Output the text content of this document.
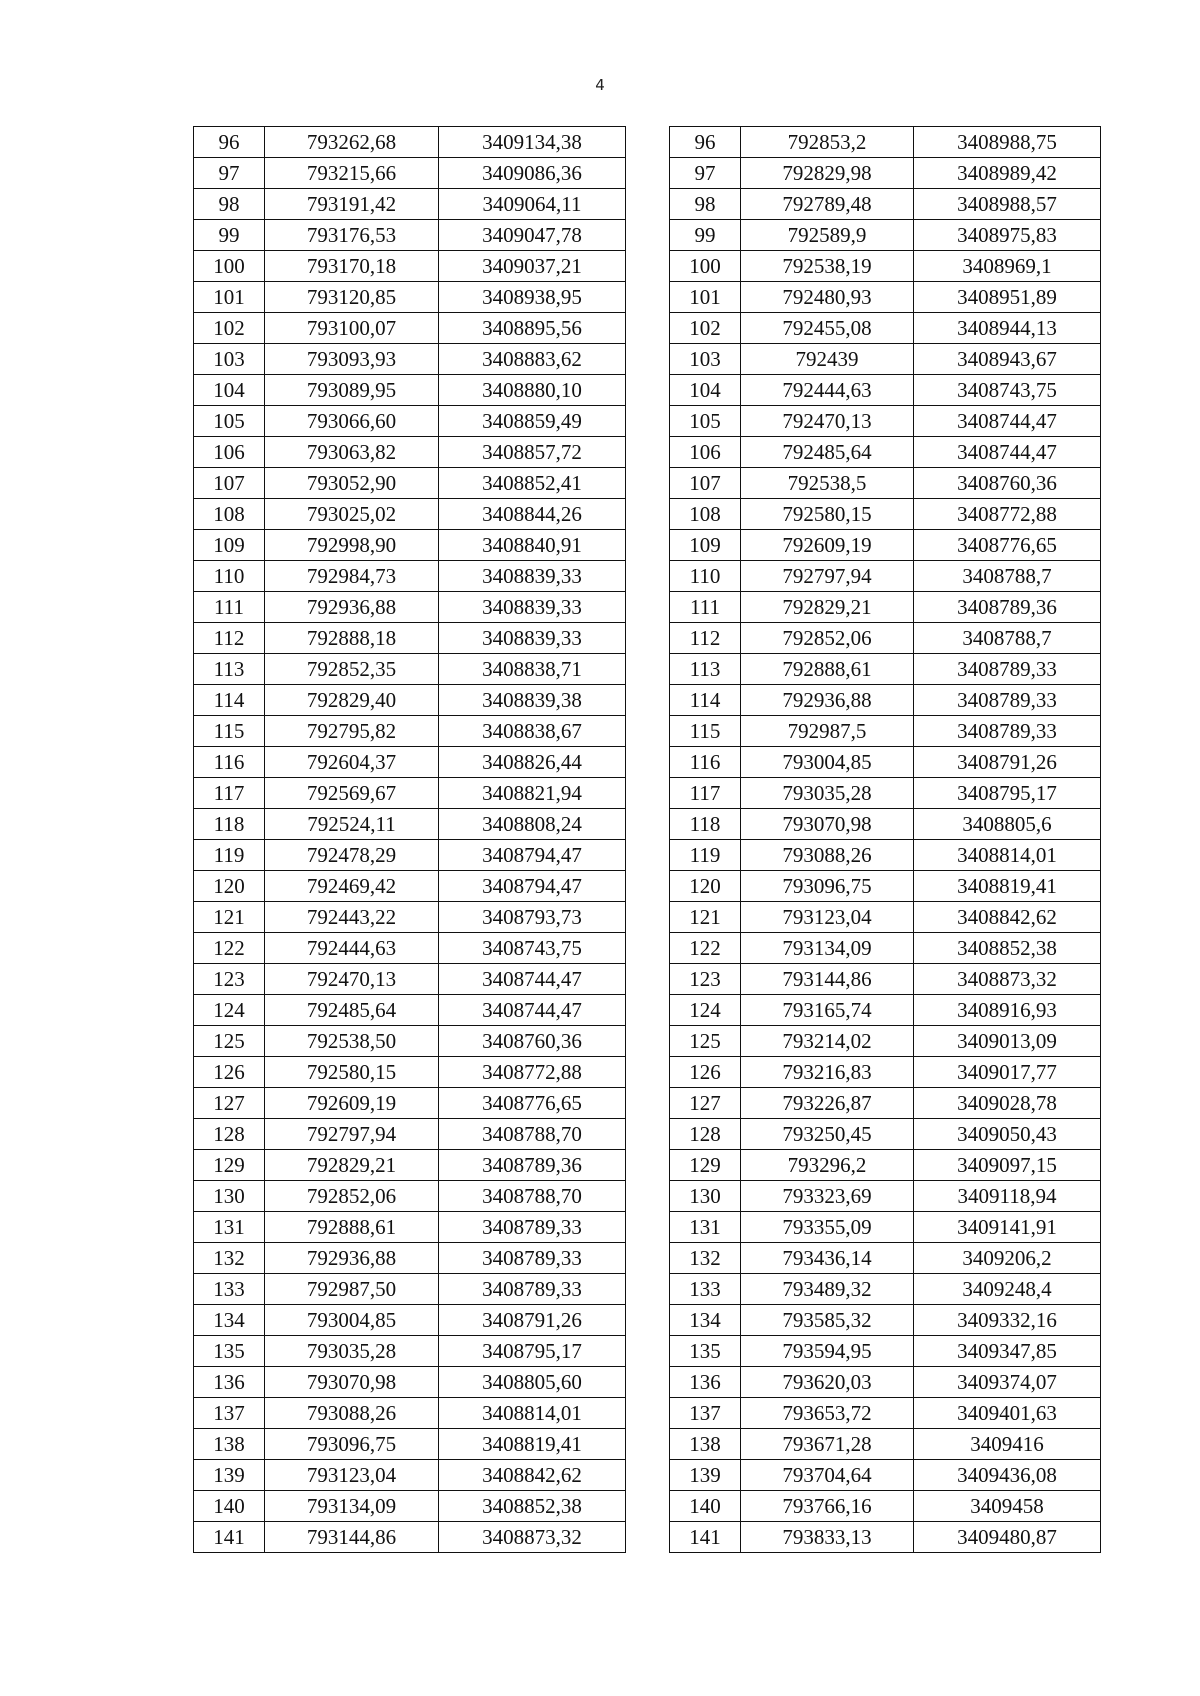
4
96	793262,68	3409134,38
97	793215,66	3409086,36
98	793191,42	3409064,11
99	793176,53	3409047,78
100	793170,18	3409037,21
101	793120,85	3408938,95
102	793100,07	3408895,56
103	793093,93	3408883,62
104	793089,95	3408880,10
105	793066,60	3408859,49
106	793063,82	3408857,72
107	793052,90	3408852,41
108	793025,02	3408844,26
109	792998,90	3408840,91
110	792984,73	3408839,33
111	792936,88	3408839,33
112	792888,18	3408839,33
113	792852,35	3408838,71
114	792829,40	3408839,38
115	792795,82	3408838,67
116	792604,37	3408826,44
117	792569,67	3408821,94
118	792524,11	3408808,24
119	792478,29	3408794,47
120	792469,42	3408794,47
121	792443,22	3408793,73
122	792444,63	3408743,75
123	792470,13	3408744,47
124	792485,64	3408744,47
125	792538,50	3408760,36
126	792580,15	3408772,88
127	792609,19	3408776,65
128	792797,94	3408788,70
129	792829,21	3408789,36
130	792852,06	3408788,70
131	792888,61	3408789,33
132	792936,88	3408789,33
133	792987,50	3408789,33
134	793004,85	3408791,26
135	793035,28	3408795,17
136	793070,98	3408805,60
137	793088,26	3408814,01
138	793096,75	3408819,41
139	793123,04	3408842,62
140	793134,09	3408852,38
141	793144,86	3408873,32
96	792853,2	3408988,75
97	792829,98	3408989,42
98	792789,48	3408988,57
99	792589,9	3408975,83
100	792538,19	3408969,1
101	792480,93	3408951,89
102	792455,08	3408944,13
103	792439	3408943,67
104	792444,63	3408743,75
105	792470,13	3408744,47
106	792485,64	3408744,47
107	792538,5	3408760,36
108	792580,15	3408772,88
109	792609,19	3408776,65
110	792797,94	3408788,7
111	792829,21	3408789,36
112	792852,06	3408788,7
113	792888,61	3408789,33
114	792936,88	3408789,33
115	792987,5	3408789,33
116	793004,85	3408791,26
117	793035,28	3408795,17
118	793070,98	3408805,6
119	793088,26	3408814,01
120	793096,75	3408819,41
121	793123,04	3408842,62
122	793134,09	3408852,38
123	793144,86	3408873,32
124	793165,74	3408916,93
125	793214,02	3409013,09
126	793216,83	3409017,77
127	793226,87	3409028,78
128	793250,45	3409050,43
129	793296,2	3409097,15
130	793323,69	3409118,94
131	793355,09	3409141,91
132	793436,14	3409206,2
133	793489,32	3409248,4
134	793585,32	3409332,16
135	793594,95	3409347,85
136	793620,03	3409374,07
137	793653,72	3409401,63
138	793671,28	3409416
139	793704,64	3409436,08
140	793766,16	3409458
141	793833,13	3409480,87
